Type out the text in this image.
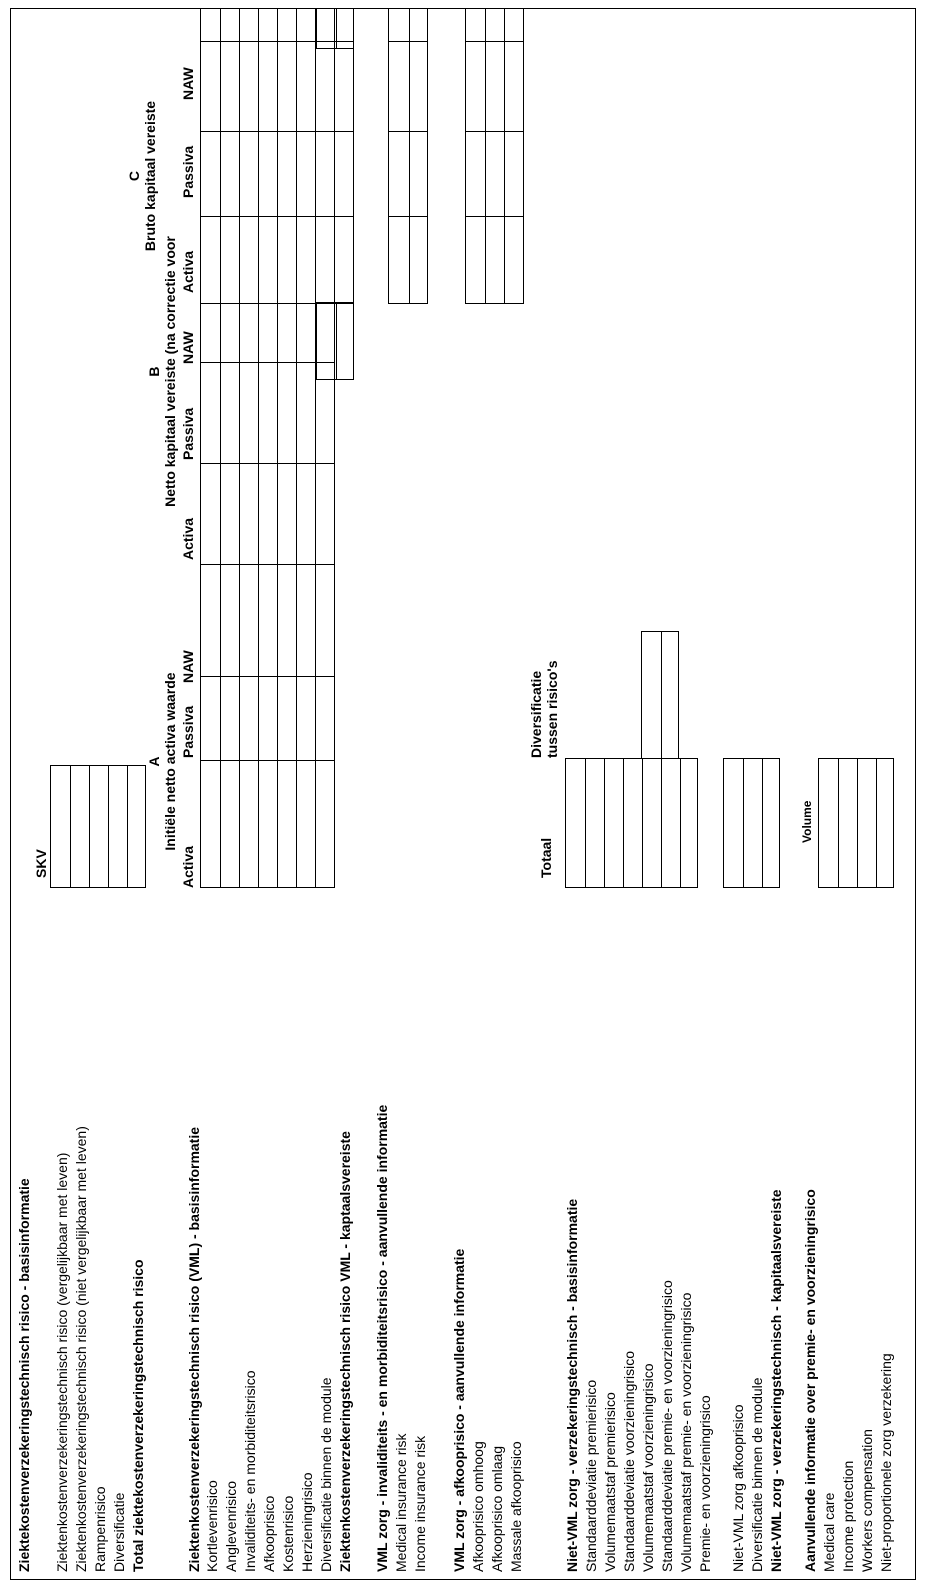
Ziektekostenverzekeringstechnisch risico - basisinformatie Ziektenkostenverzekeringstechnisch risico (vergelijkbaar met leven) Ziektenkostenverzekeringstechnisch risico (niet vergelijkbaar met leven) Rampenrisico Diversificatie Total ziektekostenverzekeringstechnisch risico
SKV
Ziektenkostenverzekeringstechnisch risico (VML) - basisinformatie Kortlevenrisico Anglevenrisico Invaliditeits- en morbiditeitsrisico Afkooprisico Kostenrisico Herzieningrisico Diversificatie binnen de module Ziektenkostenverzekeringstechnisch risico VML - kaptaalsvereiste
A Initiële netto activa waarde
B Netto kapitaal vereiste (na correctie voor
C Bruto kapitaal vereiste
Activa
Passiva
NAW
Activa
Passiva
NAW
Activa
Passiva
NAW
VML zorg - invaliditeits - en morbiditeitsrisico - aanvullende informatie Medical insurance risk Income insurance risk VML zorg - afkooprisico - aanvullende informatie Afkooprisico omhoog Afkooprisico omlaag Massale afkooprisico	Niet-VML zorg - verzekeringstechnisch - basisinformatie
Totaal
Diversificatie tussen risico's
Standaarddeviatie premierisico Volumemaatstaf premierisico Standaarddeviatie voorzieningrisico Volumemaatstaf voorzieningrisico Standaarddeviatie premie- en voorzieningrisico Volumemaatstaf premie- en voorzieningrisico Premie- en voorzieningrisico Niet-VML zorg afkooprisico Diversificatie binnen de module Niet-VML zorg - verzekeringstechnisch - kapitaalsvereiste Aanvullende informatie over premie- en voorzieningrisico Medical care Income protection Workers compensation Niet-proportionele zorg verzekering
Volume
